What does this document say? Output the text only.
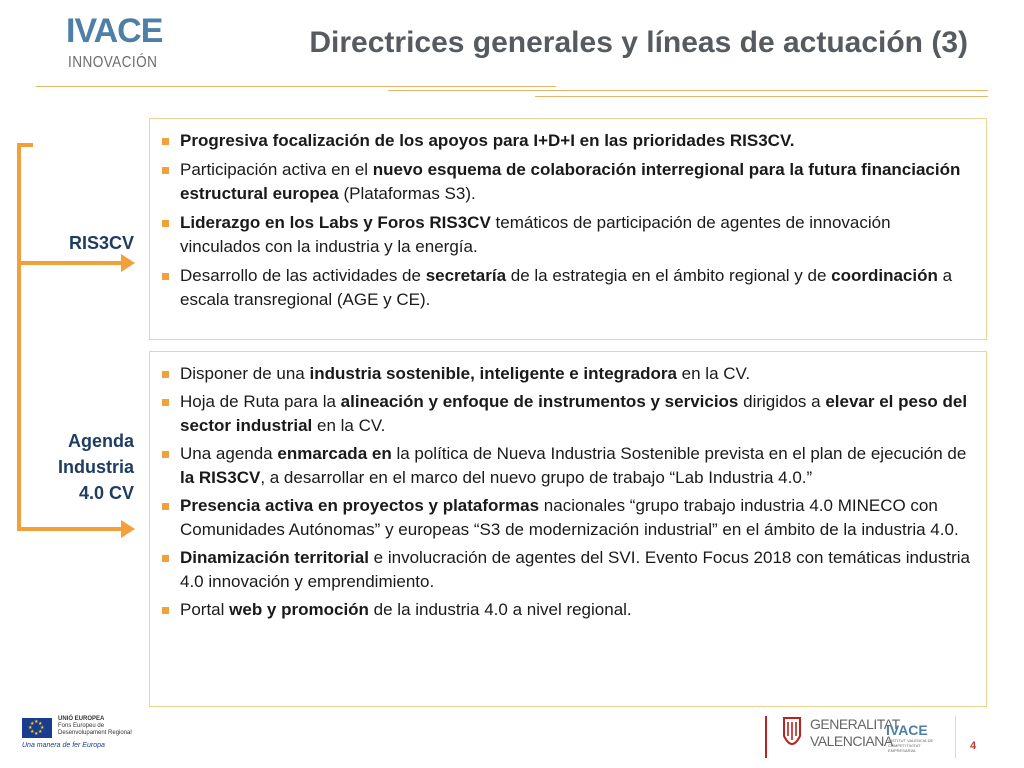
IVACE
INNOVACIÓN
Directrices generales y líneas de actuación (3)
RIS3CV
Agenda
Industria
4.0 CV
Progresiva focalización de los apoyos para I+D+I en las prioridades RIS3CV.
Participación activa en el nuevo esquema de colaboración interregional para la futura financiación estructural europea (Plataformas S3).
Liderazgo en los Labs y Foros RIS3CV temáticos de participación de agentes de innovación vinculados con la industria y la energía.
Desarrollo de las actividades de secretaría de la estrategia en el ámbito regional y de coordinación a escala transregional (AGE y CE).
Disponer de una industria sostenible, inteligente e integradora en la CV.
Hoja de Ruta para la alineación y enfoque de instrumentos y servicios dirigidos a elevar el peso del sector industrial en la CV.
Una agenda enmarcada en la política de Nueva Industria Sostenible prevista en el plan de ejecución de la RIS3CV, a desarrollar en el marco del nuevo grupo de trabajo “Lab Industria 4.0.”
Presencia activa en proyectos y plataformas nacionales “grupo trabajo industria 4.0 MINECO con Comunidades Autónomas” y europeas “S3 de modernización industrial” en el ámbito de la industria 4.0.
Dinamización territorial e involucración de agentes del SVI. Evento Focus 2018 con temáticas industria 4.0 innovación y emprendimiento.
Portal web y promoción de la industria 4.0 a nivel regional.
★
★
★ ★
★ ★
★ ★
UNIÓ EUROPEA
Fons Europeu de
Desenvolupament Regional
Una manera de fer Europa
GENERALITAT
VALENCIANA
IVACE
INSTITUT VALENCIÀ DE COMPETITIVITAT EMPRESARIAL	4
